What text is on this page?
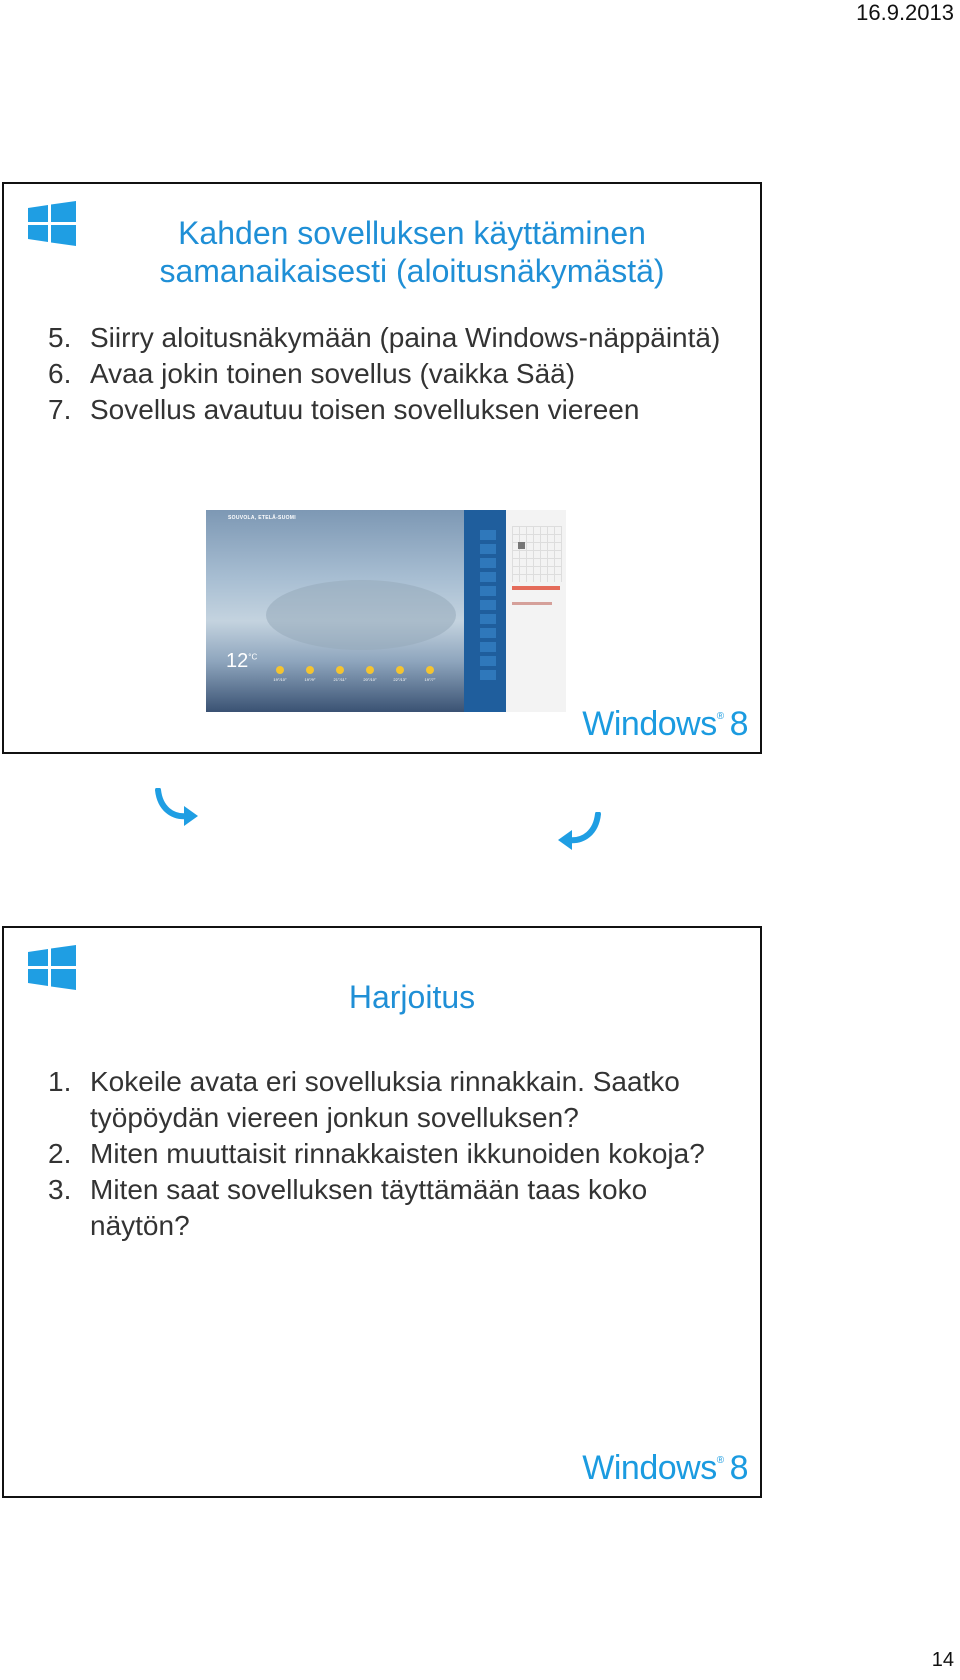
16.9.2013
Kahden sovelluksen käyttäminen samanaikaisesti (aloitusnäkymästä)
5. Siirry aloitusnäkymään (paina Windows-näppäintä)
6. Avaa jokin toinen sovellus (vaikka Sää)
7. Sovellus avautuu toisen sovelluksen viereen
SOUVOLA, ETELÄ-SUOMI
$12^{^\circ C}$
19°/10°	19°/9°	21°/11°	20°/10°	22°/13°	19°/7°
Windows® 8
Harjoitus
1. Kokeile avata eri sovelluksia rinnakkain. Saatko työpöydän viereen jonkun sovelluksen?
2. Miten muuttaisit rinnakkaisten ikkunoiden kokoja?
3. Miten saat sovelluksen täyttämään taas koko näytön?
Windows® 8
14
